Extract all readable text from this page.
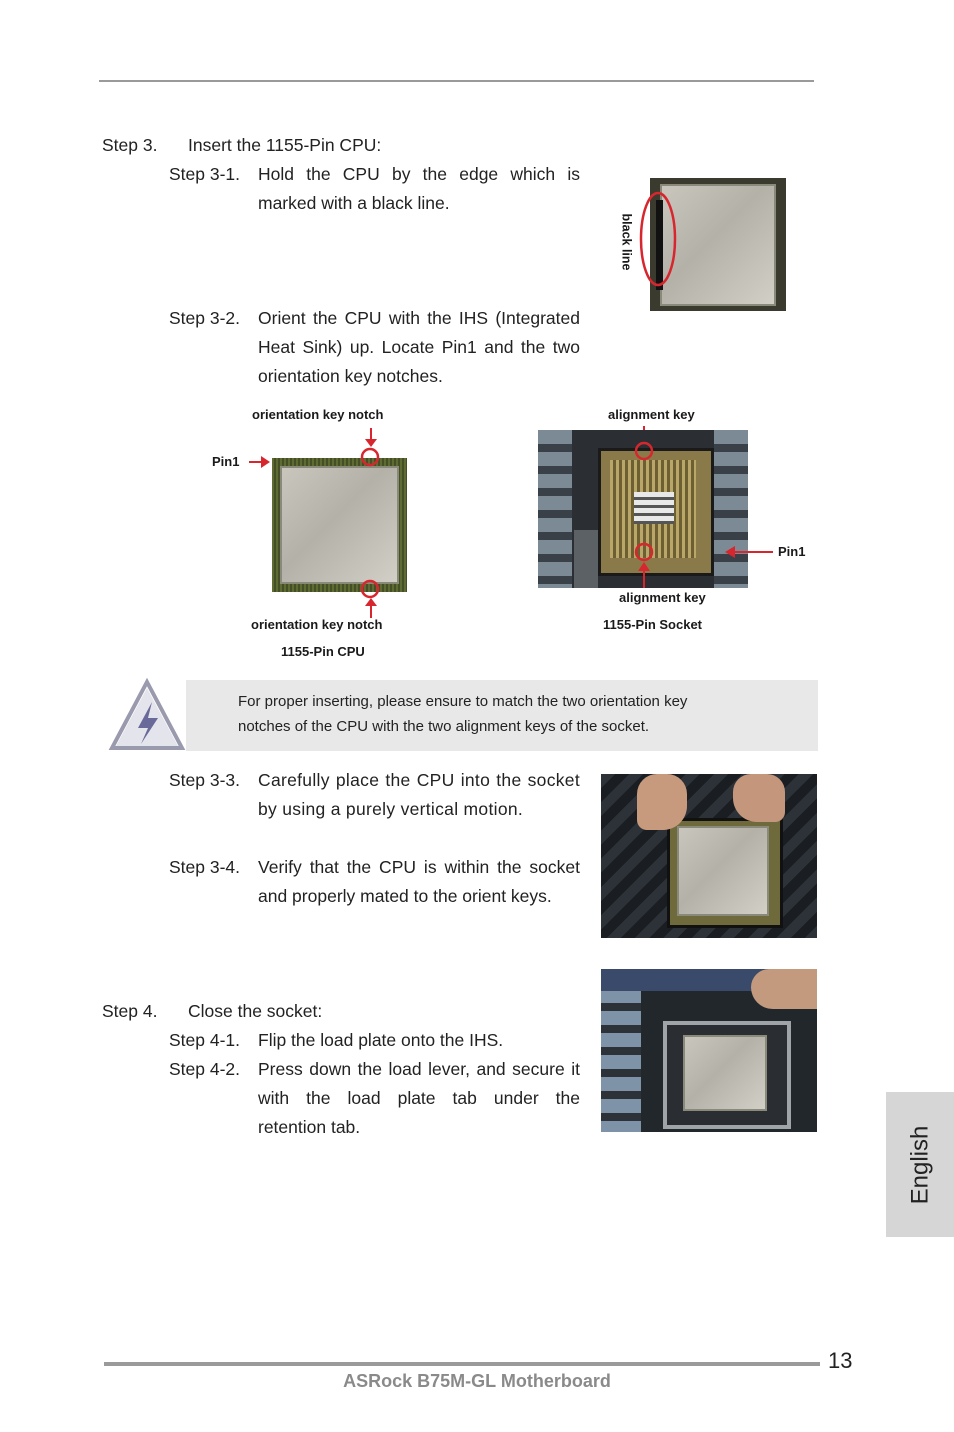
Step 3. Insert the 1155-Pin CPU:
Step 3-1. Hold the CPU by the edge which is marked with a black line.
black line
Step 3-2. Orient the CPU with the IHS (Integrated Heat Sink) up. Locate Pin1 and the two orientation key notches.
orientation key notch
Pin1
orientation key notch
1155-Pin CPU
alignment key
Pin1
alignment key
1155-Pin Socket
For proper inserting, please ensure to match the two orientation key
notches of the CPU with the two alignment keys of the socket.
Step 3-3. Carefully place the CPU into the socket by using a purely vertical motion.
Step 3-4. Verify that the CPU is within the socket and properly mated to the orient keys.
Step 4. Close the socket:
Step 4-1. Flip the load plate onto the IHS.
Step 4-2. Press down the load lever, and secure it with the load plate tab under the retention tab.	English
13
ASRock B75M-GL Motherboard
